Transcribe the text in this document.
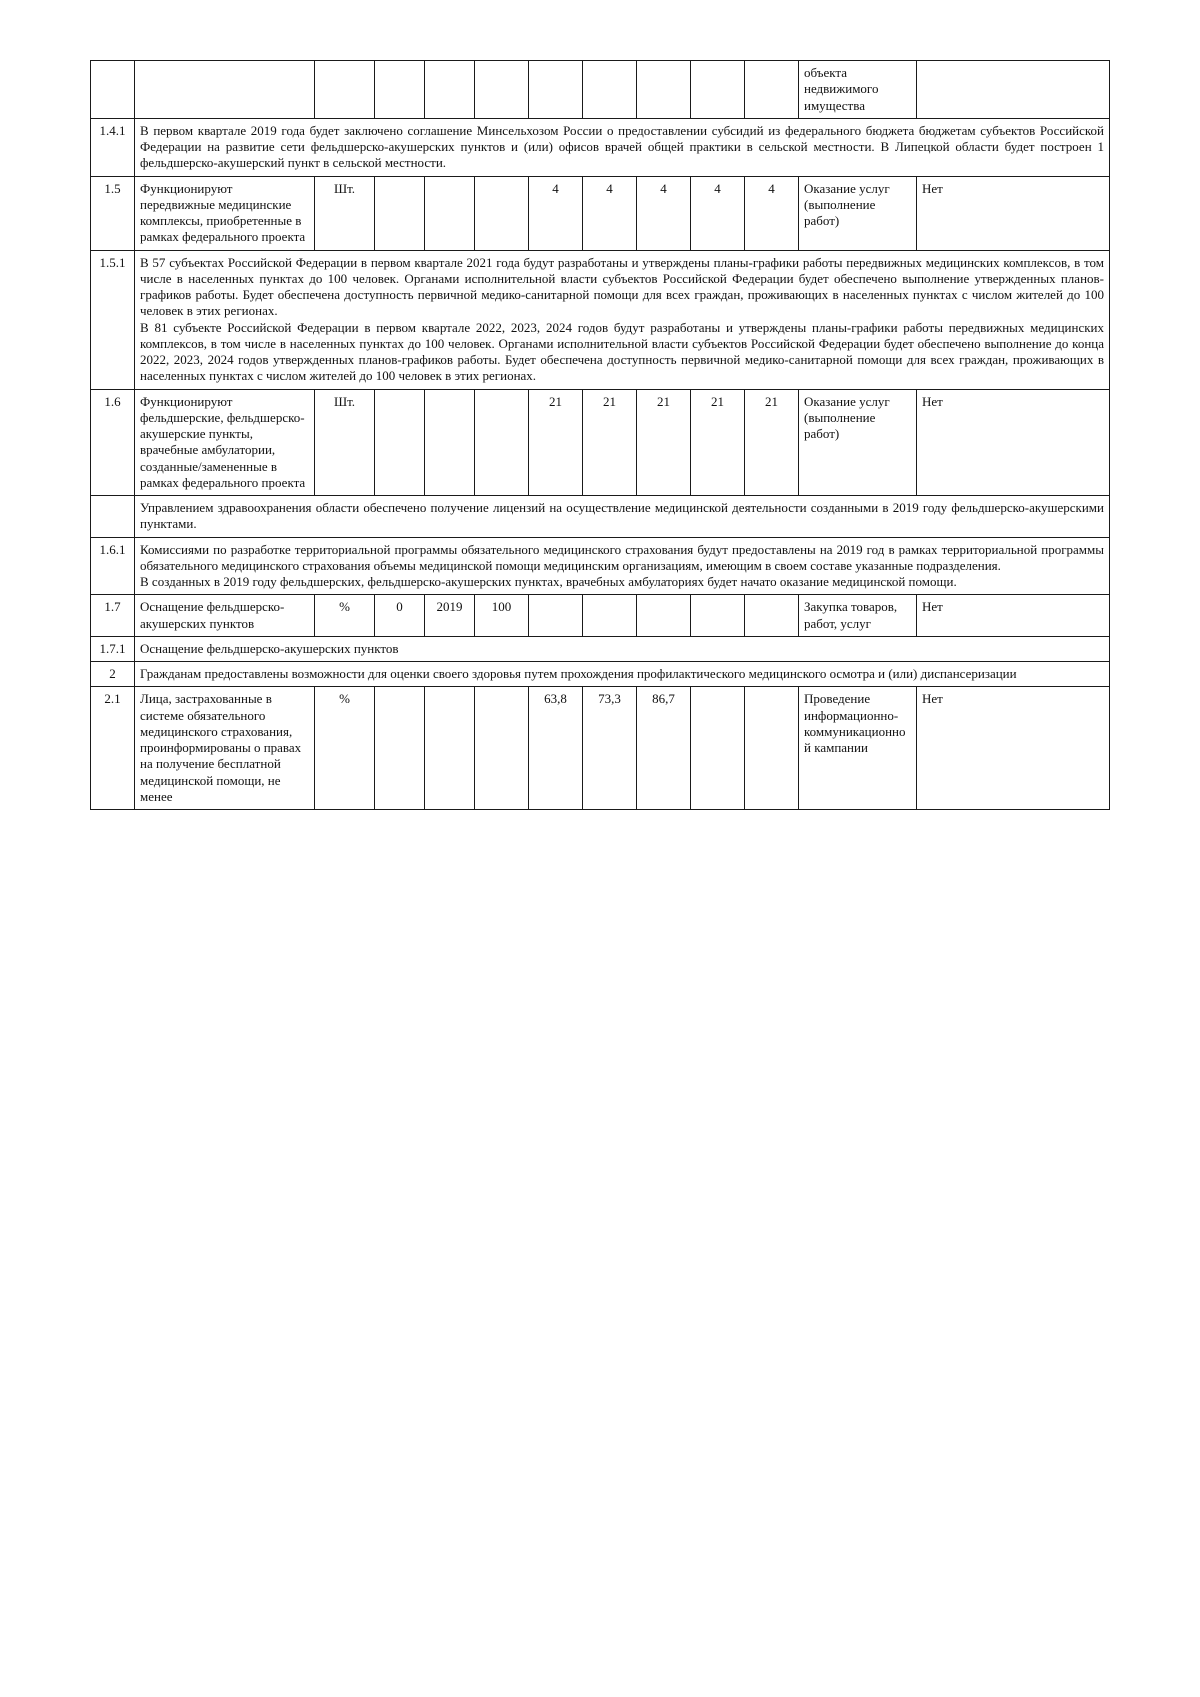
											объекта недвижимого имущества	
1.4.1	В первом квартале 2019 года будет заключено соглашение Минсельхозом России о предоставлении субсидий из федерального бюджета бюджетам субъектов Российской Федерации на развитие сети фельдшерско-акушерских пунктов и (или) офисов врачей общей практики в сельской местности. В Липецкой области будет построен 1 фельдшерско-акушерский пункт в сельской местности.											
1.5	Функционируют передвижные медицинские комплексы, приобретенные в рамках федерального проекта	Шт.				4	4	4	4	4	Оказание услуг (выполнение работ)	Нет
1.5.1	В 57 субъектах Российской Федерации в первом квартале 2021 года будут разработаны и утверждены планы-графики работы передвижных медицинских комплексов, в том числе в населенных пунктах до 100 человек. Органами исполнительной власти субъектов Российской Федерации будет обеспечено выполнение утвержденных планов-графиков работы. Будет обеспечена доступность первичной медико-санитарной помощи для всех граждан, проживающих в населенных пунктах с числом жителей до 100 человек в этих регионах.
В 81 субъекте Российской Федерации в первом квартале 2022, 2023, 2024 годов будут разработаны и утверждены планы-графики работы передвижных медицинских комплексов, в том числе в населенных пунктах до 100 человек. Органами исполнительной власти субъектов Российской Федерации будет обеспечено выполнение до конца 2022, 2023, 2024 годов утвержденных планов-графиков работы. Будет обеспечена доступность первичной медико-санитарной помощи для всех граждан, проживающих в населенных пунктах с числом жителей до 100 человек в этих регионах.											
1.6	Функционируют фельдшерские, фельдшерско-акушерские пункты, врачебные амбулатории, созданные/замененные в рамках федерального проекта	Шт.				21	21	21	21	21	Оказание услуг (выполнение работ)	Нет
	Управлением здравоохранения области обеспечено получение лицензий на осуществление медицинской деятельности созданными в 2019 году фельдшерско-акушерскими пунктами.											
1.6.1	Комиссиями по разработке территориальной программы обязательного медицинского страхования будут предоставлены на 2019 год в рамках территориальной программы обязательного медицинского страхования объемы медицинской помощи медицинским организациям, имеющим в своем составе указанные подразделения.
В созданных в 2019 году фельдшерских, фельдшерско-акушерских пунктах, врачебных амбулаториях будет начато оказание медицинской помощи.											
1.7	Оснащение фельдшерско-акушерских пунктов	%	0	2019	100						Закупка товаров, работ, услуг	Нет
1.7.1	Оснащение фельдшерско-акушерских пунктов											
2	Гражданам предоставлены возможности для оценки своего здоровья путем прохождения профилактического медицинского осмотра и (или) диспансеризации											
2.1	Лица, застрахованные в системе обязательного медицинского страхования, проинформированы о правах на получение бесплатной медицинской помощи, не менее	%				63,8	73,3	86,7			Проведение информационно-коммуникационной кампании	Нет
